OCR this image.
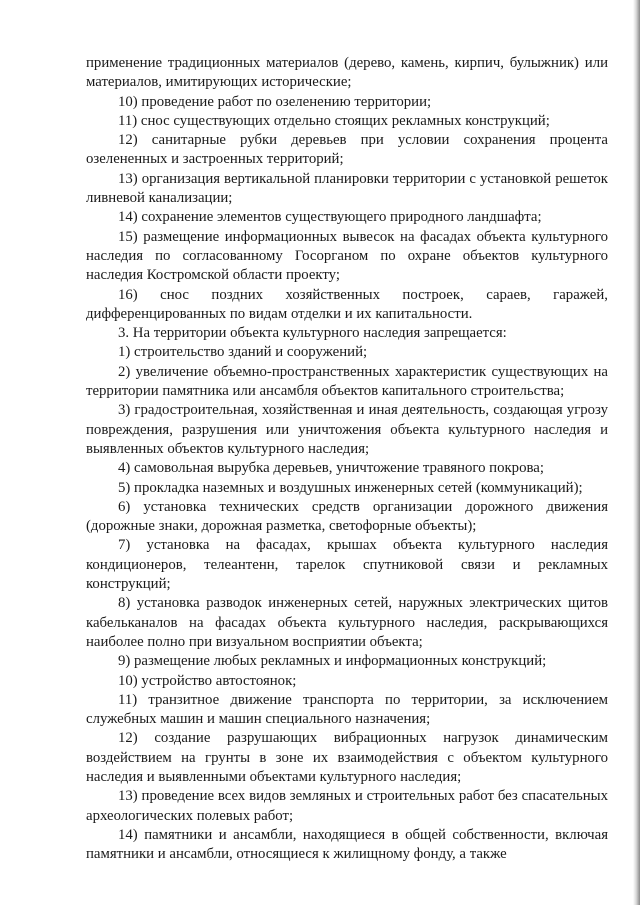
применение традиционных материалов (дерево, камень, кирпич, булыжник) или материалов, имитирующих исторические;

10) проведение работ по озеленению территории;

11) снос существующих отдельно стоящих рекламных конструкций;

12) санитарные рубки деревьев при условии сохранения процента озелененных и застроенных территорий;

13) организация вертикальной планировки территории с установкой решеток ливневой канализации;

14) сохранение элементов существующего природного ландшафта;

15) размещение информационных вывесок на фасадах объекта культурного наследия по согласованному Госорганом по охране объектов культурного наследия Костромской области проекту;

16) снос поздних хозяйственных построек, сараев, гаражей, дифференцированных по видам отделки и их капитальности.

3. На территории объекта культурного наследия запрещается:

1) строительство зданий и сооружений;

2) увеличение объемно-пространственных характеристик существующих на территории памятника или ансамбля объектов капитального строительства;

3) градостроительная, хозяйственная и иная деятельность, создающая угрозу повреждения, разрушения или уничтожения объекта культурного наследия и выявленных объектов культурного наследия;

4) самовольная вырубка деревьев, уничтожение травяного покрова;

5) прокладка наземных и воздушных инженерных сетей (коммуникаций);

6) установка технических средств организации дорожного движения (дорожные знаки, дорожная разметка, светофорные объекты);

7) установка на фасадах, крышах объекта культурного наследия кондиционеров, телеантенн, тарелок спутниковой связи и рекламных конструкций;

8) установка разводок инженерных сетей, наружных электрических щитов кабельканалов на фасадах объекта культурного наследия, раскрывающихся наиболее полно при визуальном восприятии объекта;

9) размещение любых рекламных и информационных конструкций;

10) устройство автостоянок;

11) транзитное движение транспорта по территории, за исключением служебных машин и машин специального назначения;

12) создание разрушающих вибрационных нагрузок динамическим воздействием на грунты в зоне их взаимодействия с объектом культурного наследия и выявленными объектами культурного наследия;

13) проведение всех видов земляных и строительных работ без спасательных археологических полевых работ;

14) памятники и ансамбли, находящиеся в общей собственности, включая памятники и ансамбли, относящиеся к жилищному фонду, а также
